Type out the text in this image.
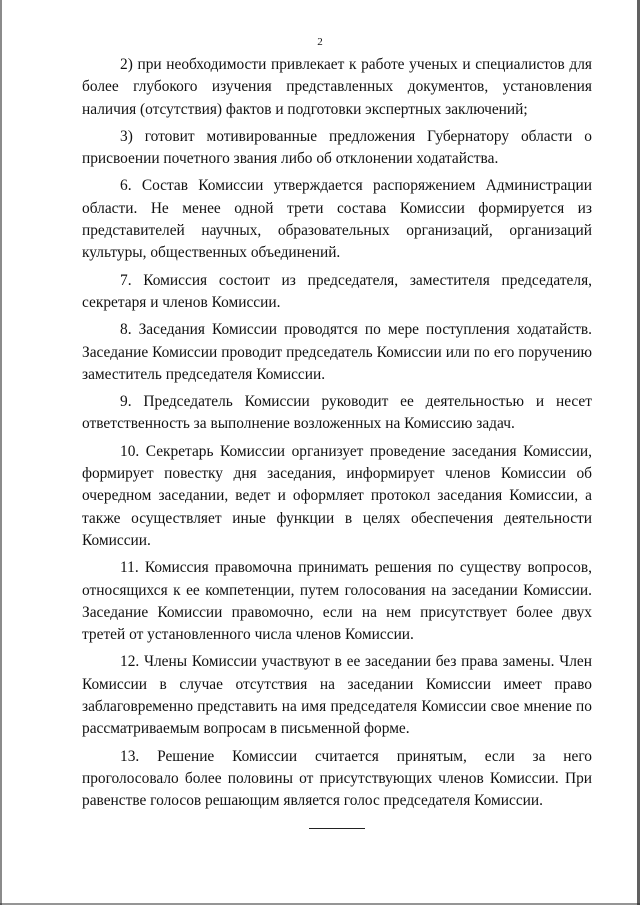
2

2) при необходимости привлекает к работе ученых и специалистов для более глубокого изучения представленных документов, установления наличия (отсутствия) фактов и подготовки экспертных заключений;

3) готовит мотивированные предложения Губернатору области о присвоении почетного звания либо об отклонении ходатайства.

6. Состав Комиссии утверждается распоряжением Администрации области. Не менее одной трети состава Комиссии формируется из представителей научных, образовательных организаций, организаций культуры, общественных объединений.

7. Комиссия состоит из председателя, заместителя председателя, секретаря и членов Комиссии.

8. Заседания Комиссии проводятся по мере поступления ходатайств. Заседание Комиссии проводит председатель Комиссии или по его поручению заместитель председателя Комиссии.

9. Председатель Комиссии руководит ее деятельностью и несет ответственность за выполнение возложенных на Комиссию задач.

10. Секретарь Комиссии организует проведение заседания Комиссии, формирует повестку дня заседания, информирует членов Комиссии об очередном заседании, ведет и оформляет протокол заседания Комиссии, а также осуществляет иные функции в целях обеспечения деятельности Комиссии.

11. Комиссия правомочна принимать решения по существу вопросов, относящихся к ее компетенции, путем голосования на заседании Комиссии. Заседание Комиссии правомочно, если на нем присутствует более двух третей от установленного числа членов Комиссии.

12. Члены Комиссии участвуют в ее заседании без права замены. Член Комиссии в случае отсутствия на заседании Комиссии имеет право заблаговременно представить на имя председателя Комиссии свое мнение по рассматриваемым вопросам в письменной форме.

13. Решение Комиссии считается принятым, если за него проголосовало более половины от присутствующих членов Комиссии. При равенстве голосов решающим является голос председателя Комиссии.
